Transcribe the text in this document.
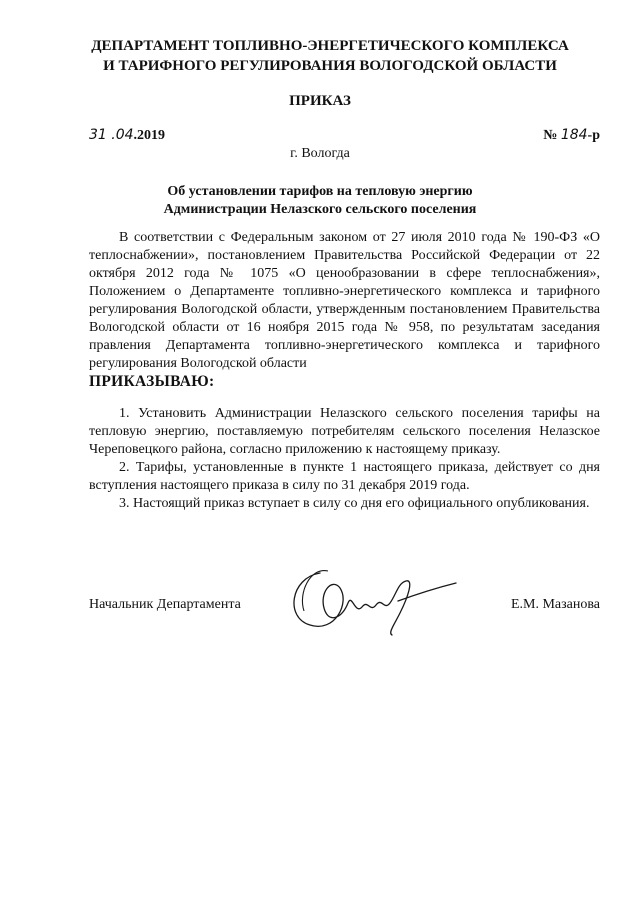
ДЕПАРТАМЕНТ ТОПЛИВНО-ЭНЕРГЕТИЧЕСКОГО КОМПЛЕКСА
И ТАРИФНОГО РЕГУЛИРОВАНИЯ ВОЛОГОДСКОЙ ОБЛАСТИ
ПРИКАЗ
31 .04.2019	№ 184-р
г. Вологда
Об установлении тарифов на тепловую энергию
Администрации Нелазского сельского поселения

В соответствии с Федеральным законом от 27 июля 2010 года № 190-ФЗ «О теплоснабжении», постановлением Правительства Российской Федерации от 22 октября 2012 года № 1075 «О ценообразовании в сфере теплоснабжения», Положением о Департаменте топливно-энергетического комплекса и тарифного регулирования Вологодской области, утвержденным постановлением Правительства Вологодской области от 16 ноября 2015 года № 958, по результатам заседания правления Департамента топливно-энергетического комплекса и тарифного регулирования Вологодской области

ПРИКАЗЫВАЮ:

1. Установить Администрации Нелазского сельского поселения тарифы на тепловую энергию, поставляемую потребителям сельского поселения Нелазское Череповецкого района, согласно приложению к настоящему приказу.

2. Тарифы, установленные в пункте 1 настоящего приказа, действует со дня вступления настоящего приказа в силу по 31 декабря 2019 года.

3. Настоящий приказ вступает в силу со дня его официального опубликования.

Начальник Департамента	Е.М. Мазанова
